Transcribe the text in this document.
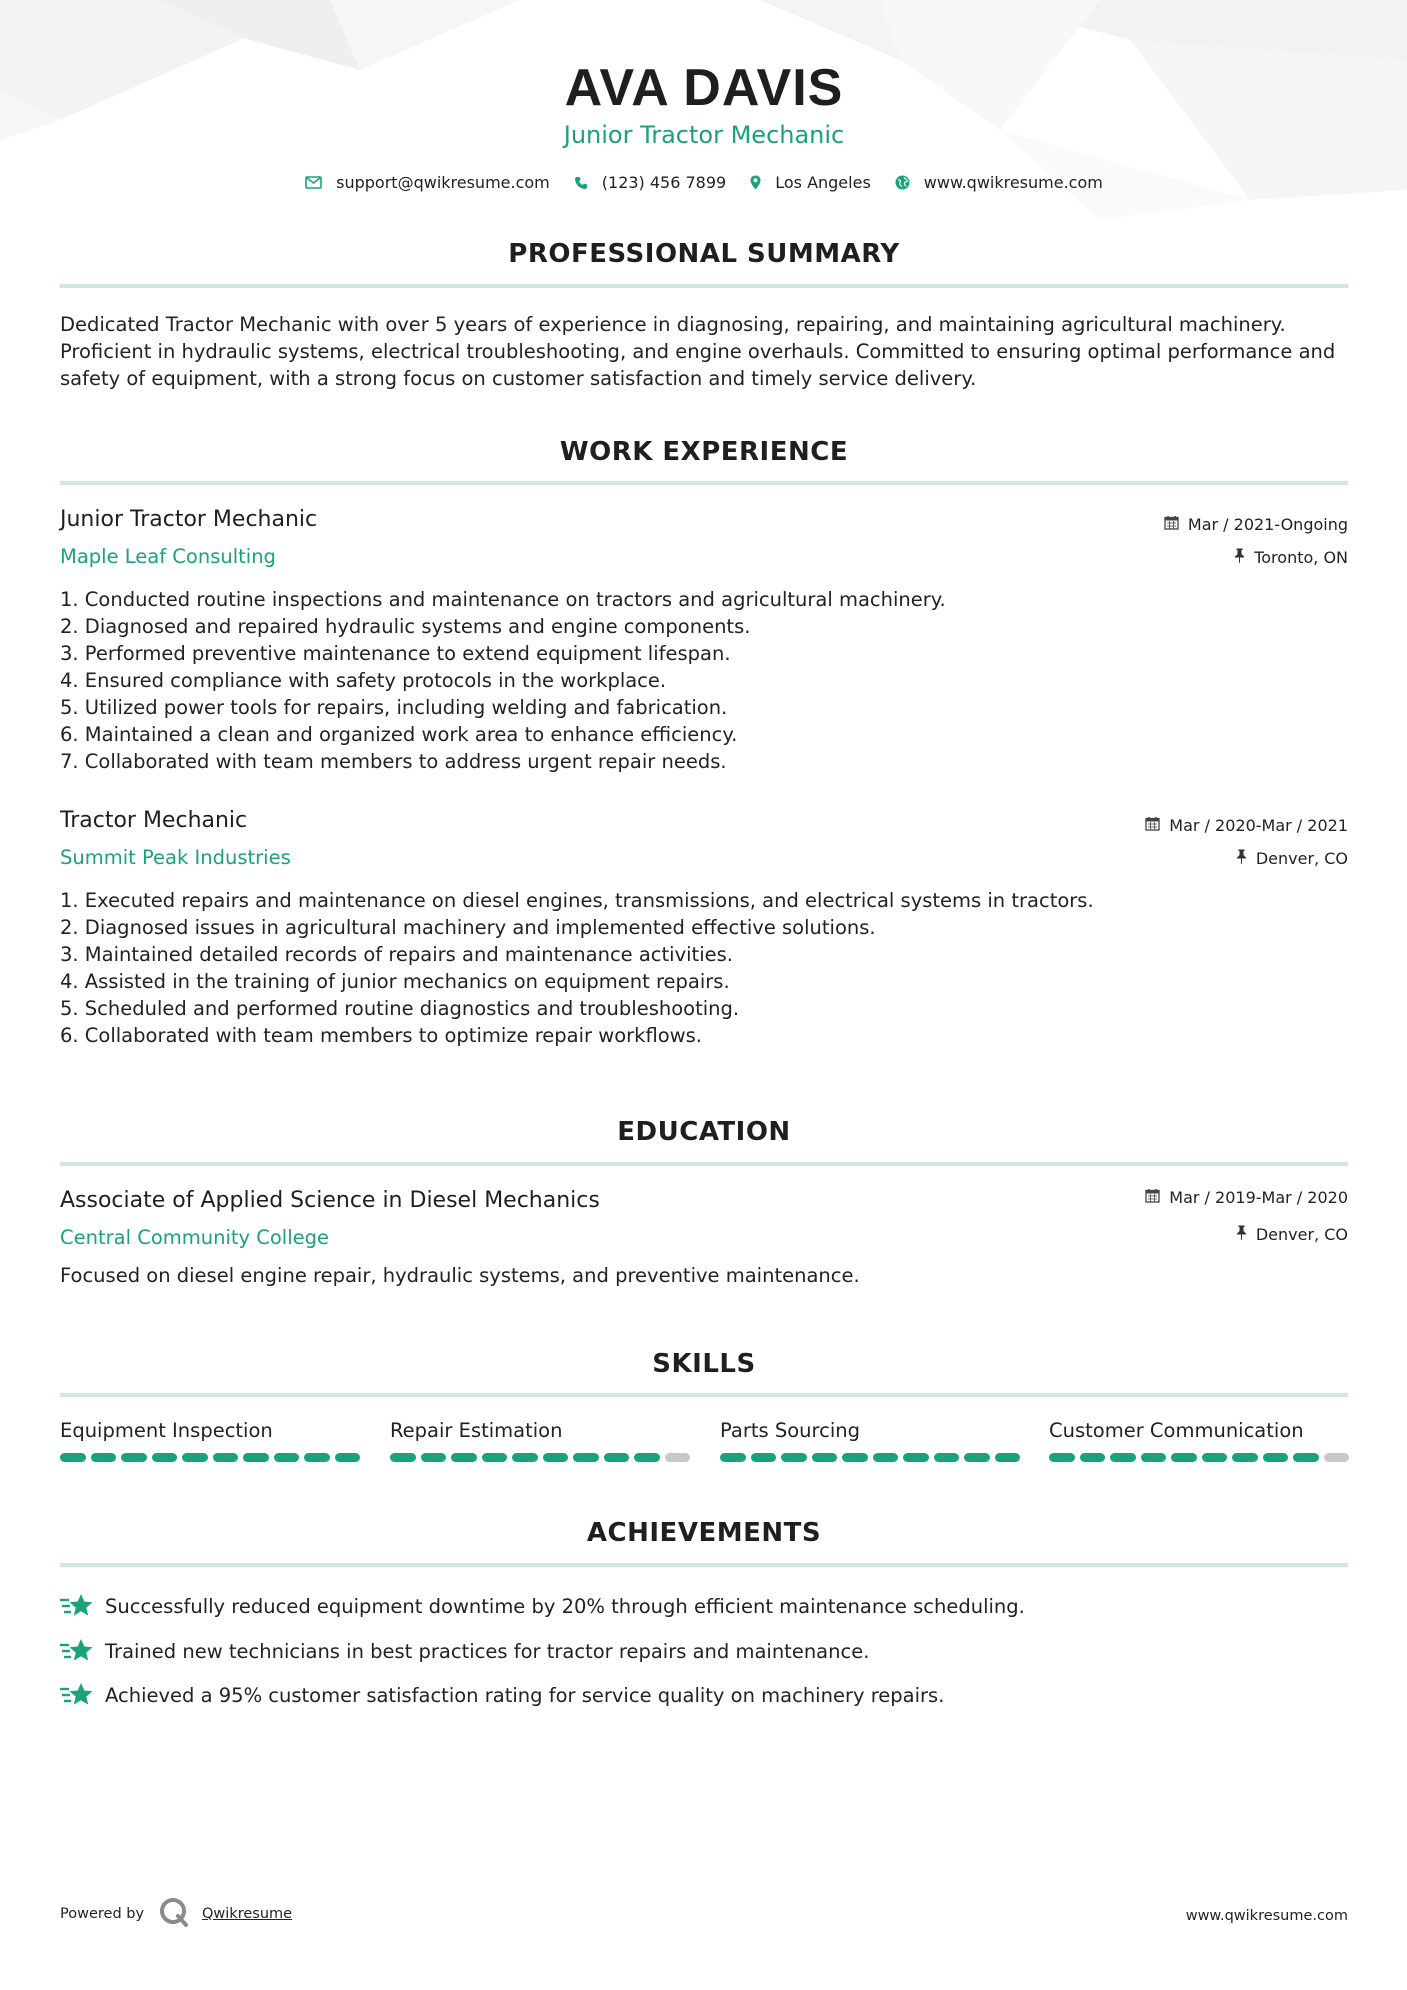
AVA DAVIS
Junior Tractor Mechanic
support@qwikresume.com	(123) 456 7899	Los Angeles	www.qwikresume.com
PROFESSIONAL SUMMARY
Dedicated Tractor Mechanic with over 5 years of experience in diagnosing, repairing, and maintaining agricultural machinery. Proficient in hydraulic systems, electrical troubleshooting, and engine overhauls. Committed to ensuring optimal performance and safety of equipment, with a strong focus on customer satisfaction and timely service delivery.
WORK EXPERIENCE
Junior Tractor Mechanic
Maple Leaf Consulting
Mar / 2021-Ongoing
Toronto, ON
1. Conducted routine inspections and maintenance on tractors and agricultural machinery.
2. Diagnosed and repaired hydraulic systems and engine components.
3. Performed preventive maintenance to extend equipment lifespan.
4. Ensured compliance with safety protocols in the workplace.
5. Utilized power tools for repairs, including welding and fabrication.
6. Maintained a clean and organized work area to enhance efficiency.
7. Collaborated with team members to address urgent repair needs.
Tractor Mechanic
Summit Peak Industries
Mar / 2020-Mar / 2021
Denver, CO
1. Executed repairs and maintenance on diesel engines, transmissions, and electrical systems in tractors.
2. Diagnosed issues in agricultural machinery and implemented effective solutions.
3. Maintained detailed records of repairs and maintenance activities.
4. Assisted in the training of junior mechanics on equipment repairs.
5. Scheduled and performed routine diagnostics and troubleshooting.
6. Collaborated with team members to optimize repair workflows.
EDUCATION
Associate of Applied Science in Diesel Mechanics
Central Community College
Mar / 2019-Mar / 2020
Denver, CO
Focused on diesel engine repair, hydraulic systems, and preventive maintenance.
SKILLS
Equipment Inspection	Repair Estimation	Parts Sourcing	Customer Communication
ACHIEVEMENTS
Successfully reduced equipment downtime by 20% through efficient maintenance scheduling.
Trained new technicians in best practices for tractor repairs and maintenance.
Achieved a 95% customer satisfaction rating for service quality on machinery repairs.
Powered by	Qwikresume	www.qwikresume.com
